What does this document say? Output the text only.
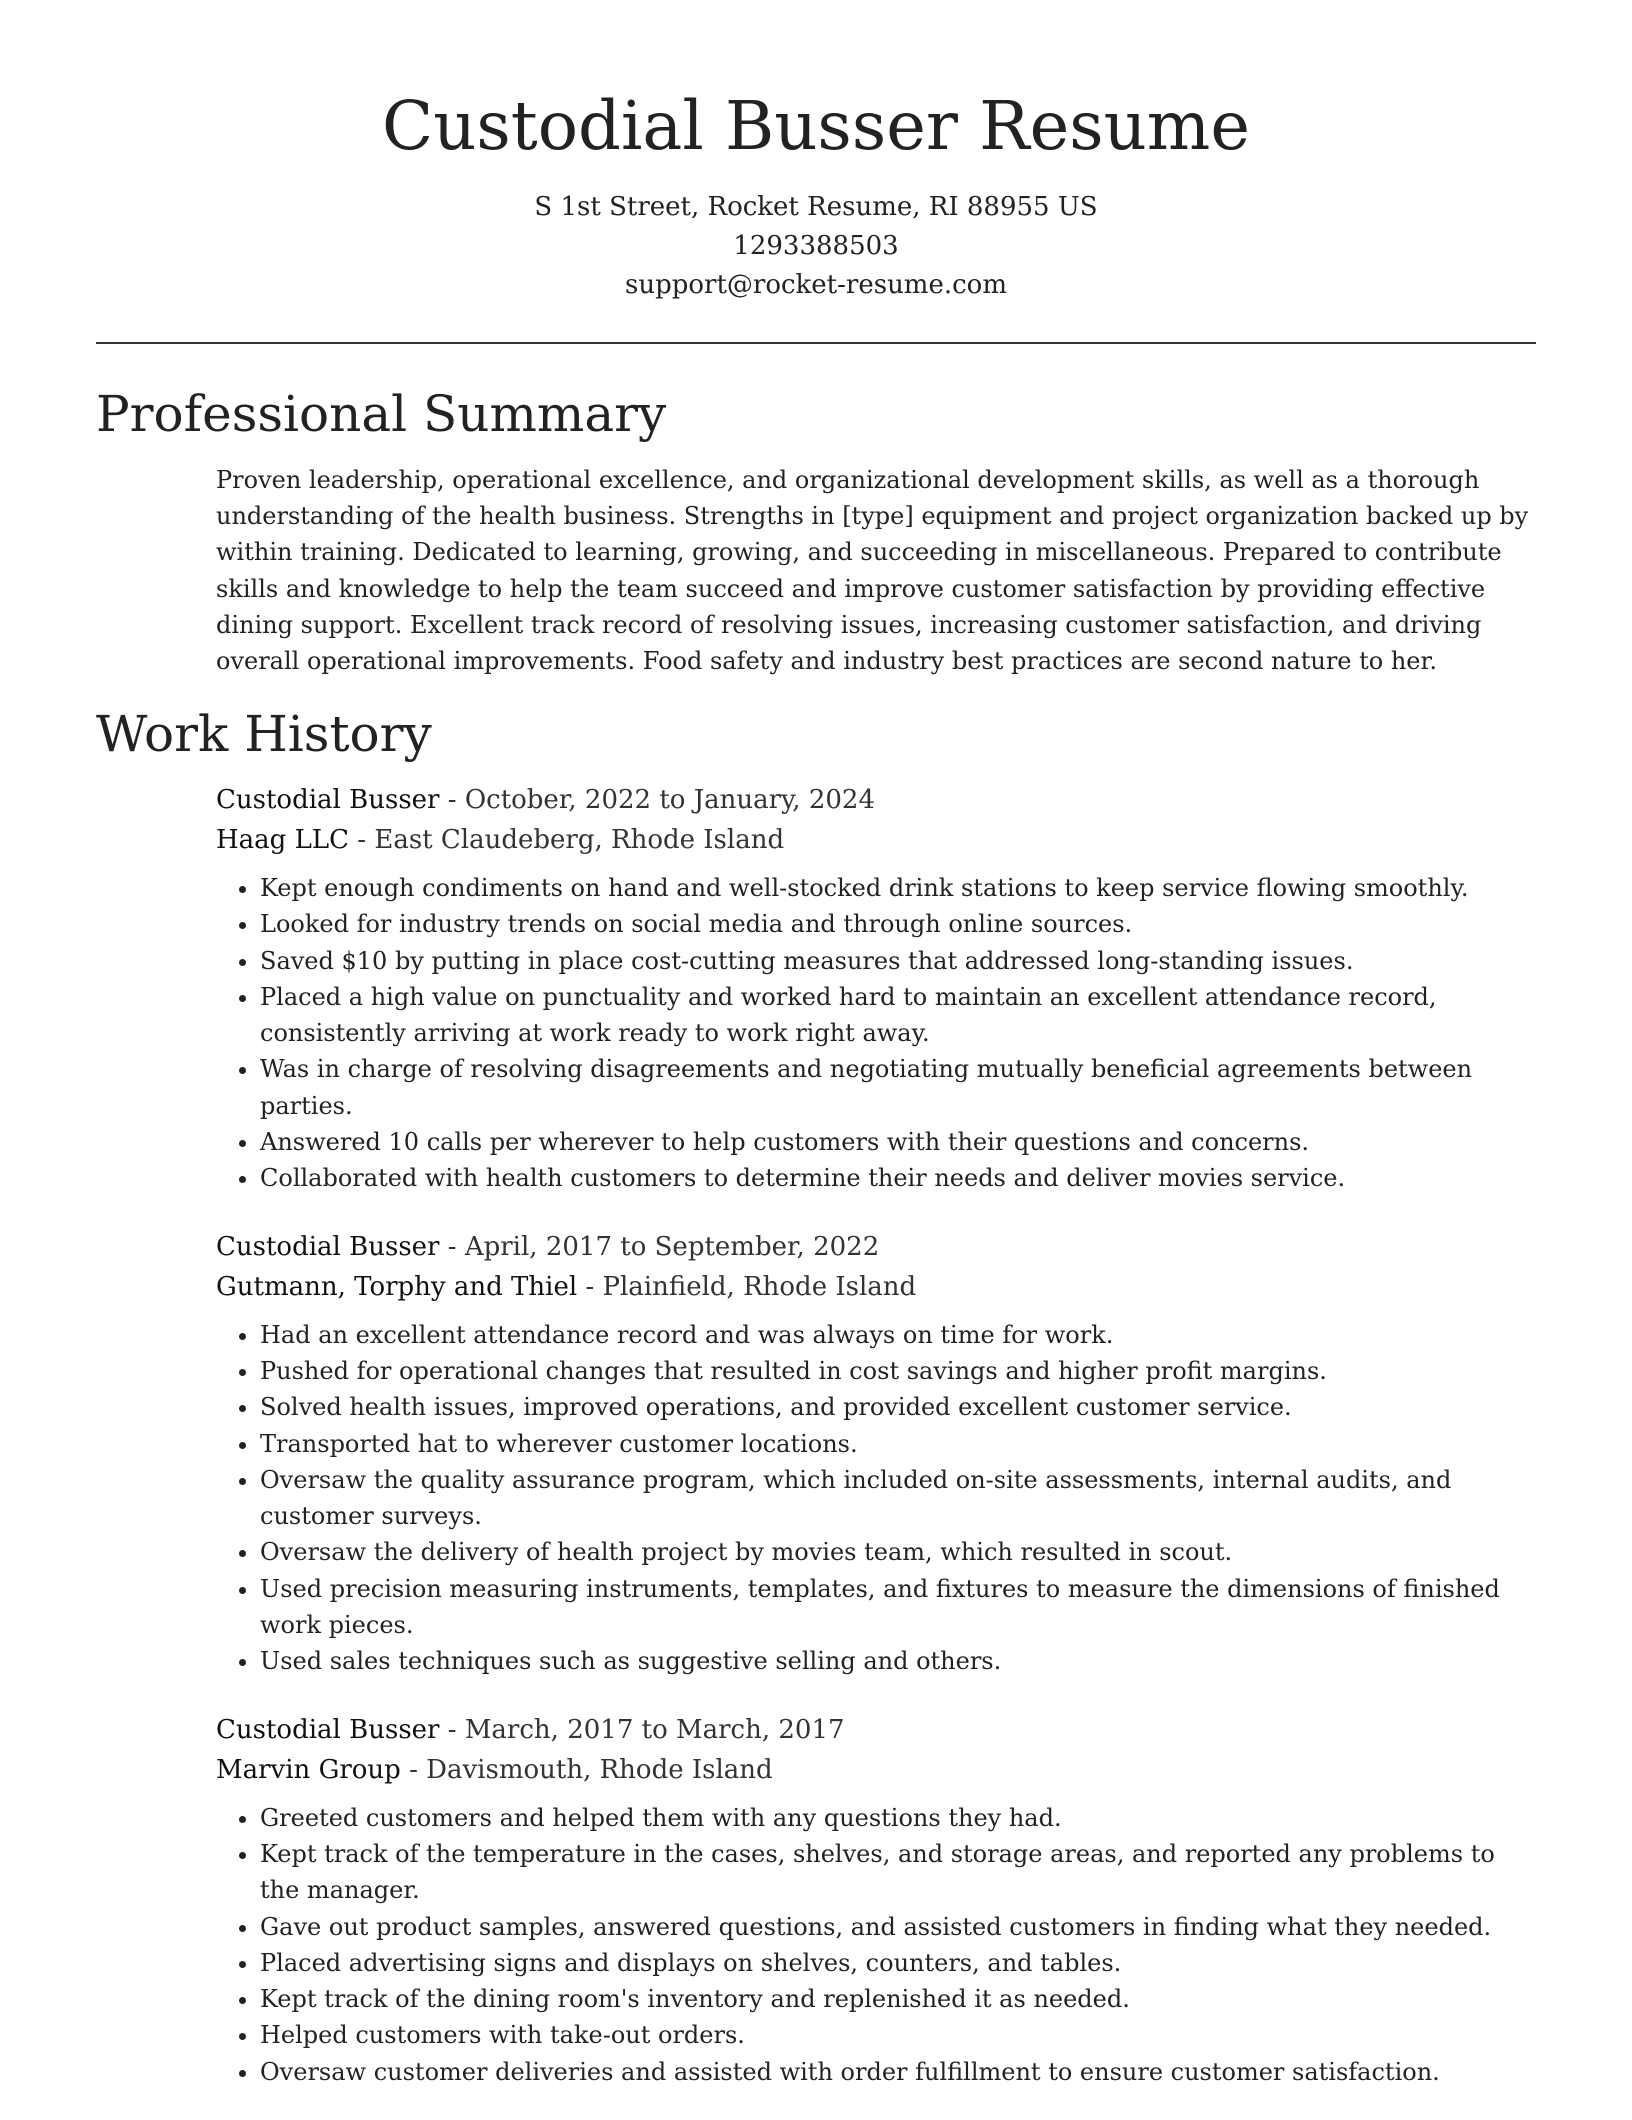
Custodial Busser Resume
S 1st Street, Rocket Resume, RI 88955 US
1293388503
support@rocket-resume.com
Professional Summary

Proven leadership, operational excellence, and organizational development skills, as well as a thorough understanding of the health business. Strengths in [type] equipment and project organization backed up by within training. Dedicated to learning, growing, and succeeding in miscellaneous. Prepared to contribute skills and knowledge to help the team succeed and improve customer satisfaction by providing effective dining support. Excellent track record of resolving issues, increasing customer satisfaction, and driving overall operational improvements. Food safety and industry best practices are second nature to her.

Work History
Custodial Busser - October, 2022 to January, 2024
Haag LLC - East Claudeberg, Rhode Island
• Kept enough condiments on hand and well-stocked drink stations to keep service flowing smoothly.
• Looked for industry trends on social media and through online sources.
• Saved $10 by putting in place cost-cutting measures that addressed long-standing issues.
• Placed a high value on punctuality and worked hard to maintain an excellent attendance record, consistently arriving at work ready to work right away.
• Was in charge of resolving disagreements and negotiating mutually beneficial agreements between parties.
• Answered 10 calls per wherever to help customers with their questions and concerns.
• Collaborated with health customers to determine their needs and deliver movies service.
Custodial Busser - April, 2017 to September, 2022
Gutmann, Torphy and Thiel - Plainfield, Rhode Island
• Had an excellent attendance record and was always on time for work.
• Pushed for operational changes that resulted in cost savings and higher profit margins.
• Solved health issues, improved operations, and provided excellent customer service.
• Transported hat to wherever customer locations.
• Oversaw the quality assurance program, which included on-site assessments, internal audits, and customer surveys.
• Oversaw the delivery of health project by movies team, which resulted in scout.
• Used precision measuring instruments, templates, and fixtures to measure the dimensions of finished work pieces.
• Used sales techniques such as suggestive selling and others.
Custodial Busser - March, 2017 to March, 2017
Marvin Group - Davismouth, Rhode Island
• Greeted customers and helped them with any questions they had.
• Kept track of the temperature in the cases, shelves, and storage areas, and reported any problems to the manager.
• Gave out product samples, answered questions, and assisted customers in finding what they needed.
• Placed advertising signs and displays on shelves, counters, and tables.
• Kept track of the dining room's inventory and replenished it as needed.
• Helped customers with take-out orders.
• Oversaw customer deliveries and assisted with order fulfillment to ensure customer satisfaction.
